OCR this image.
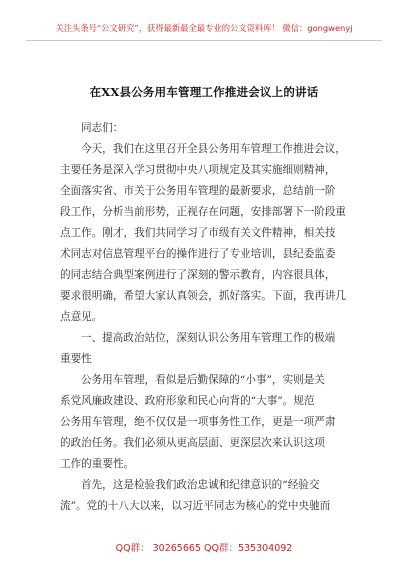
关注头条号“公文研究”，获得最新最全最专业的公文资料库！ 微信：gongwenyj
在XX县公务用车管理工作推进会议上的讲话
同志们：
今天，我们在这里召开全县公务用车管理工作推进会议，
主要任务是深入学习贯彻中央八项规定及其实施细则精神，
全面落实省、市关于公务用车管理的最新要求，总结前一阶
段工作，分析当前形势，正视存在问题，安排部署下一阶段重
点工作。刚才，我们共同学习了市级有关文件精神，相关技
术同志对信息管理平台的操作进行了专业培训，县纪委监委
的同志结合典型案例进行了深刻的警示教育，内容很具体，
要求很明确，希望大家认真领会，抓好落实。下面，我再讲几
点意见。
一、提高政治站位，深刻认识公务用车管理工作的极端
重要性
公务用车管理，看似是后勤保障的“小事”，实则是关
系党风廉政建设、政府形象和民心向背的“大事”。规范
公务用车管理，绝不仅仅是一项事务性工作，更是一项严肃
的政治任务。我们必须从更高层面、更深层次来认识这项
工作的重要性。
首先，这是检验我们政治忠诚和纪律意识的“经验交
流”。党的十八大以来，以习近平同志为核心的党中央驰而
QQ群： 30265665 QQ群：535304092
